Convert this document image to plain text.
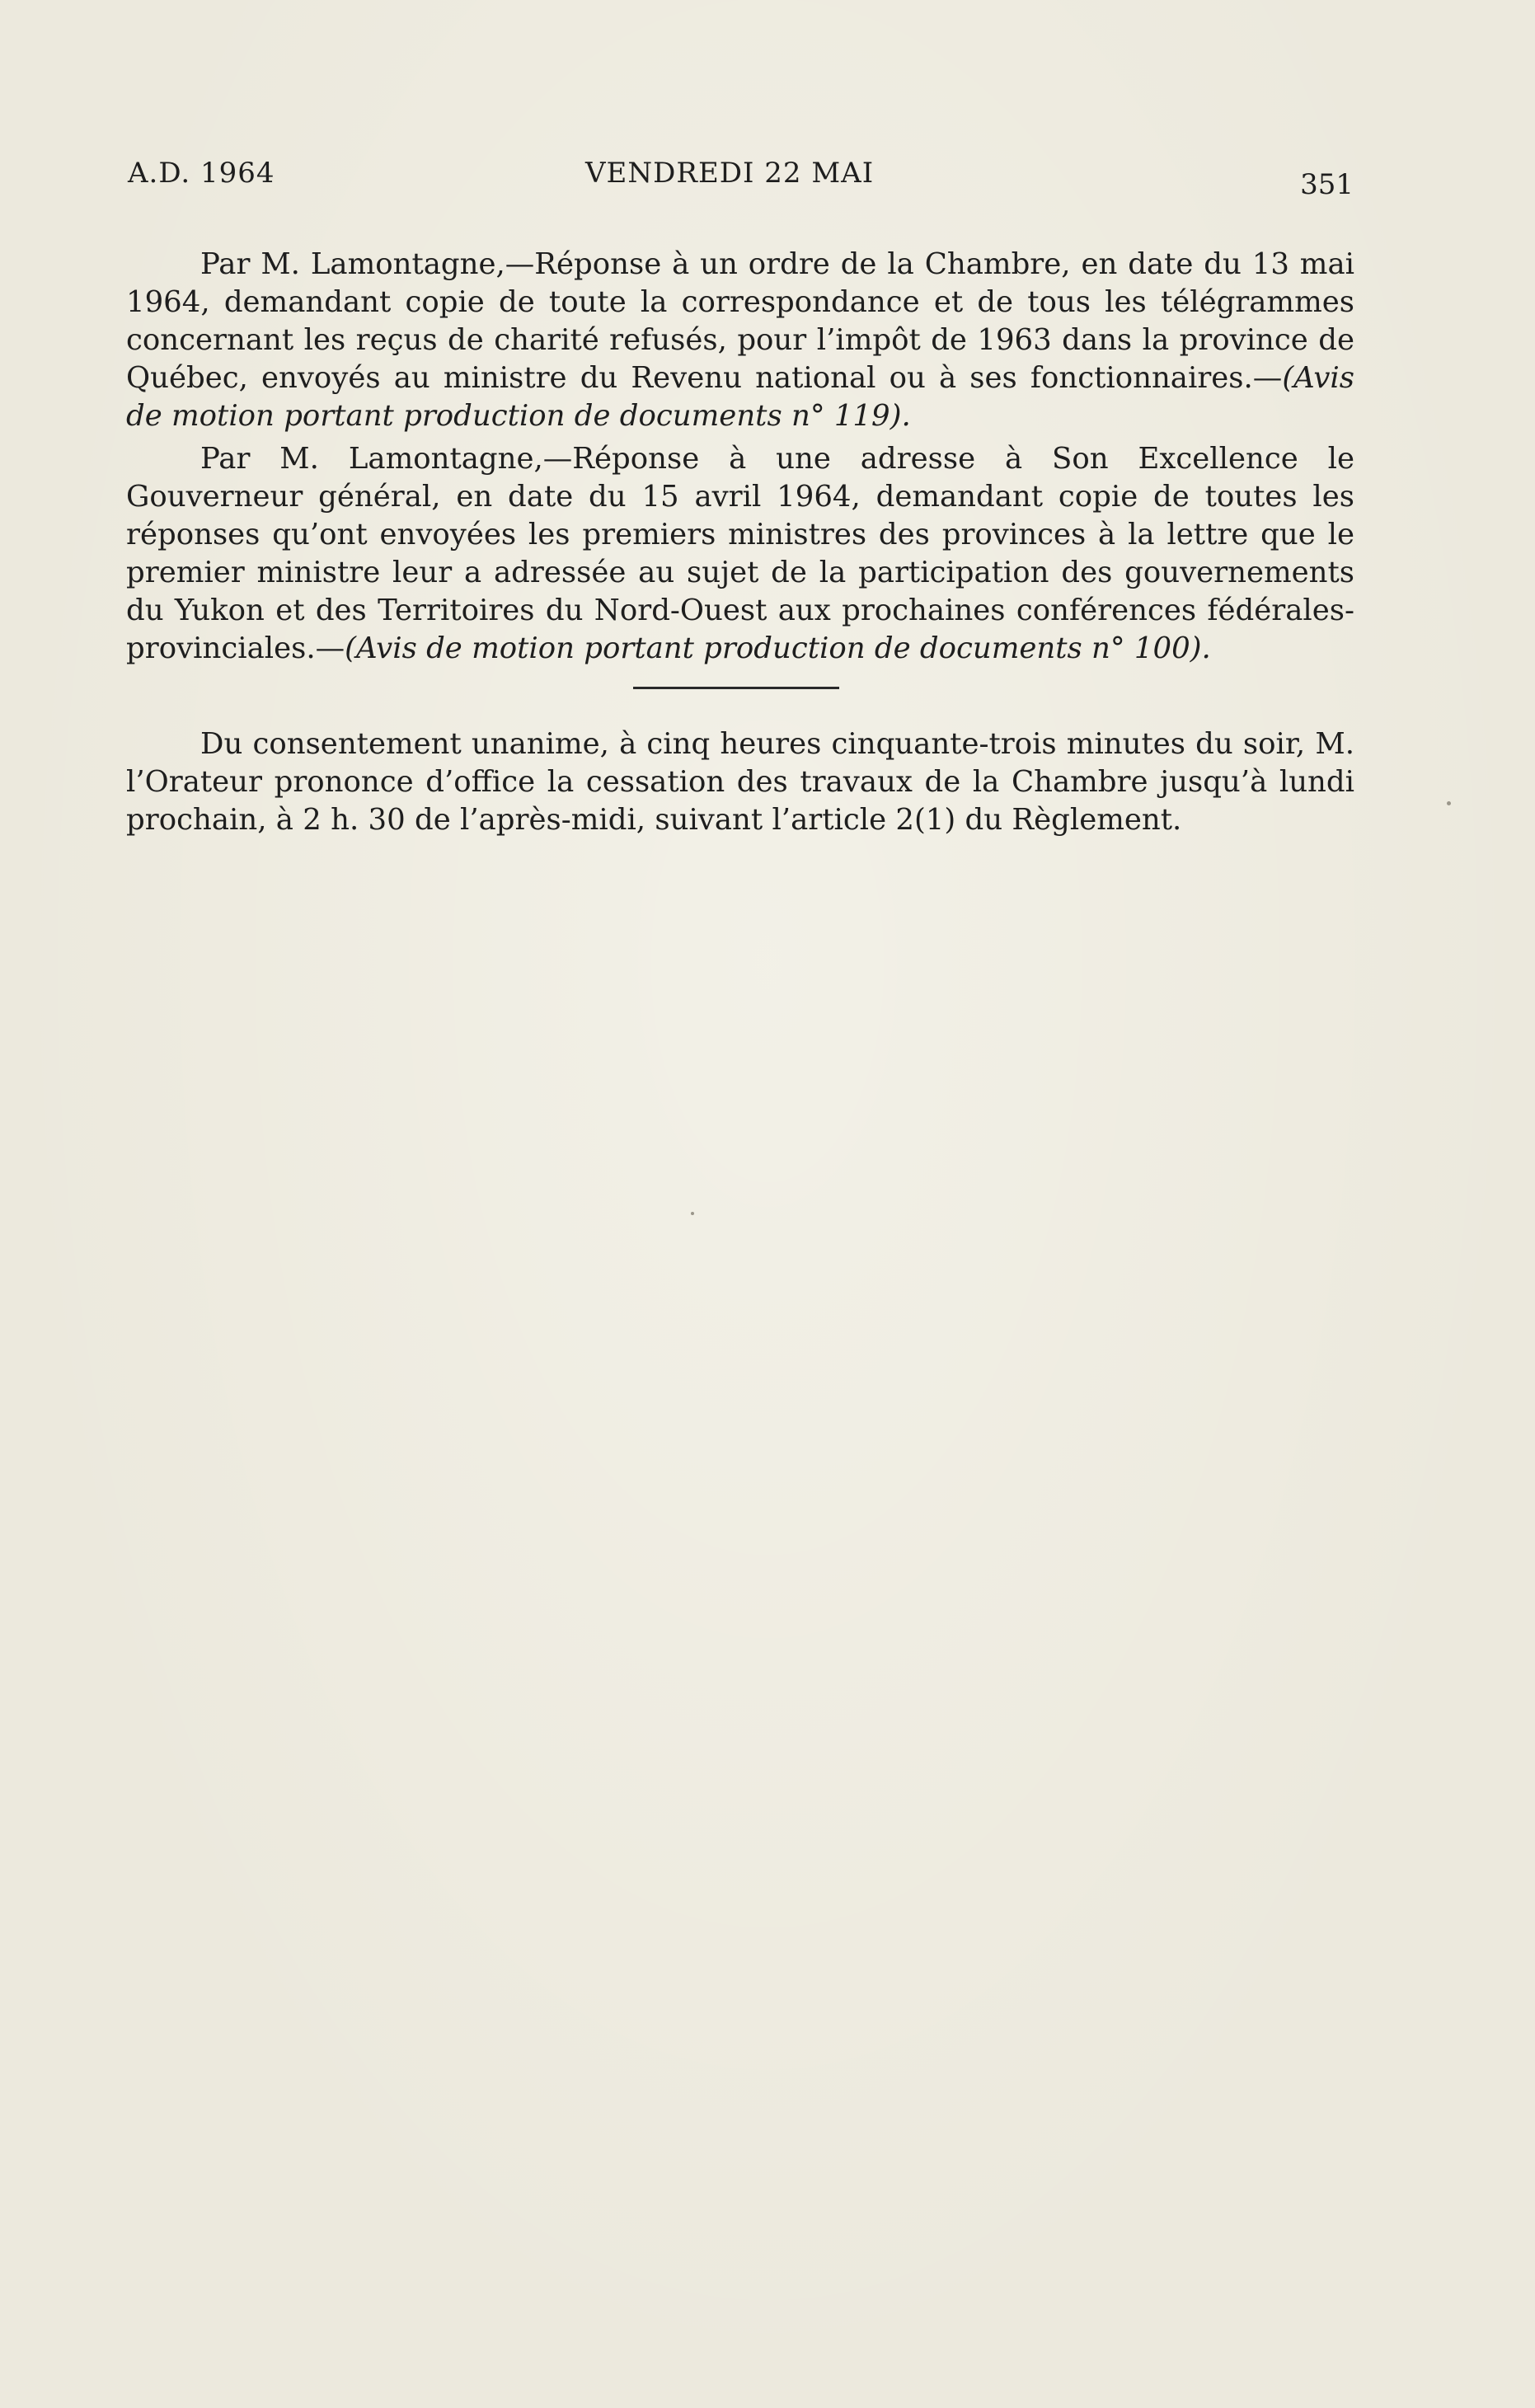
A.D. 1964	VENDREDI 22 MAI	351

Par M. Lamontagne,—Réponse à un ordre de la Chambre, en date du 13 mai 1964, demandant copie de toute la correspondance et de tous les télégrammes concernant les reçus de charité refusés, pour l’impôt de 1963 dans la province de Québec, envoyés au ministre du Revenu national ou à ses fonctionnaires.—(Avis de motion portant production de documents n° 119).

Par M. Lamontagne,—Réponse à une adresse à Son Excellence le Gouverneur général, en date du 15 avril 1964, demandant copie de toutes les réponses qu’ont envoyées les premiers ministres des provinces à la lettre que le premier ministre leur a adressée au sujet de la participation des gouvernements du Yukon et des Territoires du Nord-Ouest aux prochaines conférences fédérales-provinciales.—(Avis de motion portant production de documents n° 100).

Du consentement unanime, à cinq heures cinquante-trois minutes du soir, M. l’Orateur prononce d’office la cessation des travaux de la Chambre jusqu’à lundi prochain, à 2 h. 30 de l’après-midi, suivant l’article 2(1) du Règlement.
